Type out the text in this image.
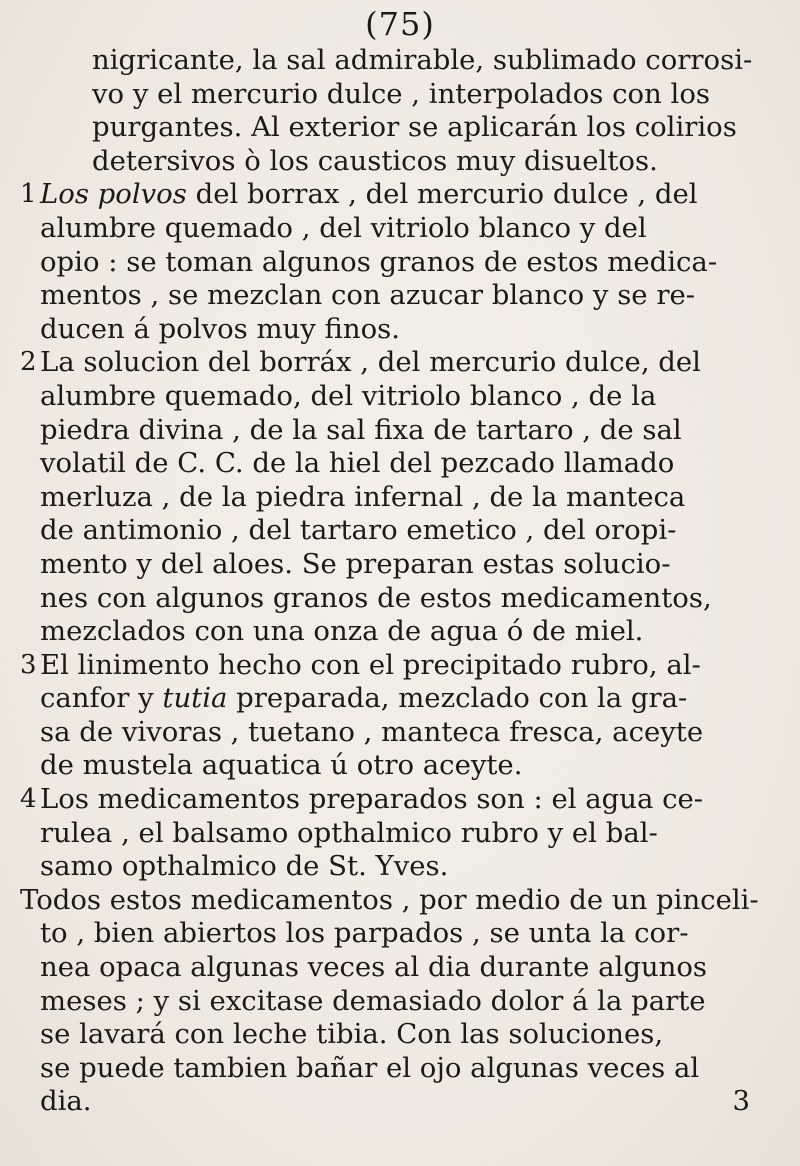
(75)
nigricante, la sal admirable, sublimado corrosi-
vo y el mercurio dulce , interpolados con los
purgantes. Al exterior se aplicarán los colirios
detersivos ò los causticos muy disueltos.
1 Los polvos del borrax , del mercurio dulce , del
alumbre quemado , del vitriolo blanco y del
opio : se toman algunos granos de estos medica-
mentos , se mezclan con azucar blanco y se re-
ducen á polvos muy finos.
2 La solucion del borráx , del mercurio dulce, del
alumbre quemado, del vitriolo blanco , de la
piedra divina , de la sal fixa de tartaro , de sal
volatil de C. C. de la hiel del pezcado llamado
merluza , de la piedra infernal , de la manteca
de antimonio , del tartaro emetico , del oropi-
mento y del aloes. Se preparan estas solucio-
nes con algunos granos de estos medicamentos,
mezclados con una onza de agua ó de miel.
3 El linimento hecho con el precipitado rubro, al-
canfor y tutia preparada, mezclado con la gra-
sa de vivoras , tuetano , manteca fresca, aceyte
de mustela aquatica ú otro aceyte.
4 Los medicamentos preparados son : el agua ce-
rulea , el balsamo opthalmico rubro y el bal-
samo opthalmico de St. Yves.
Todos estos medicamentos , por medio de un pinceli-
to , bien abiertos los parpados , se unta la cor-
nea opaca algunas veces al dia durante algunos
meses ; y si excitase demasiado dolor á la parte
se lavará con leche tibia. Con las soluciones,
se puede tambien bañar el ojo algunas veces al
dia.	3
